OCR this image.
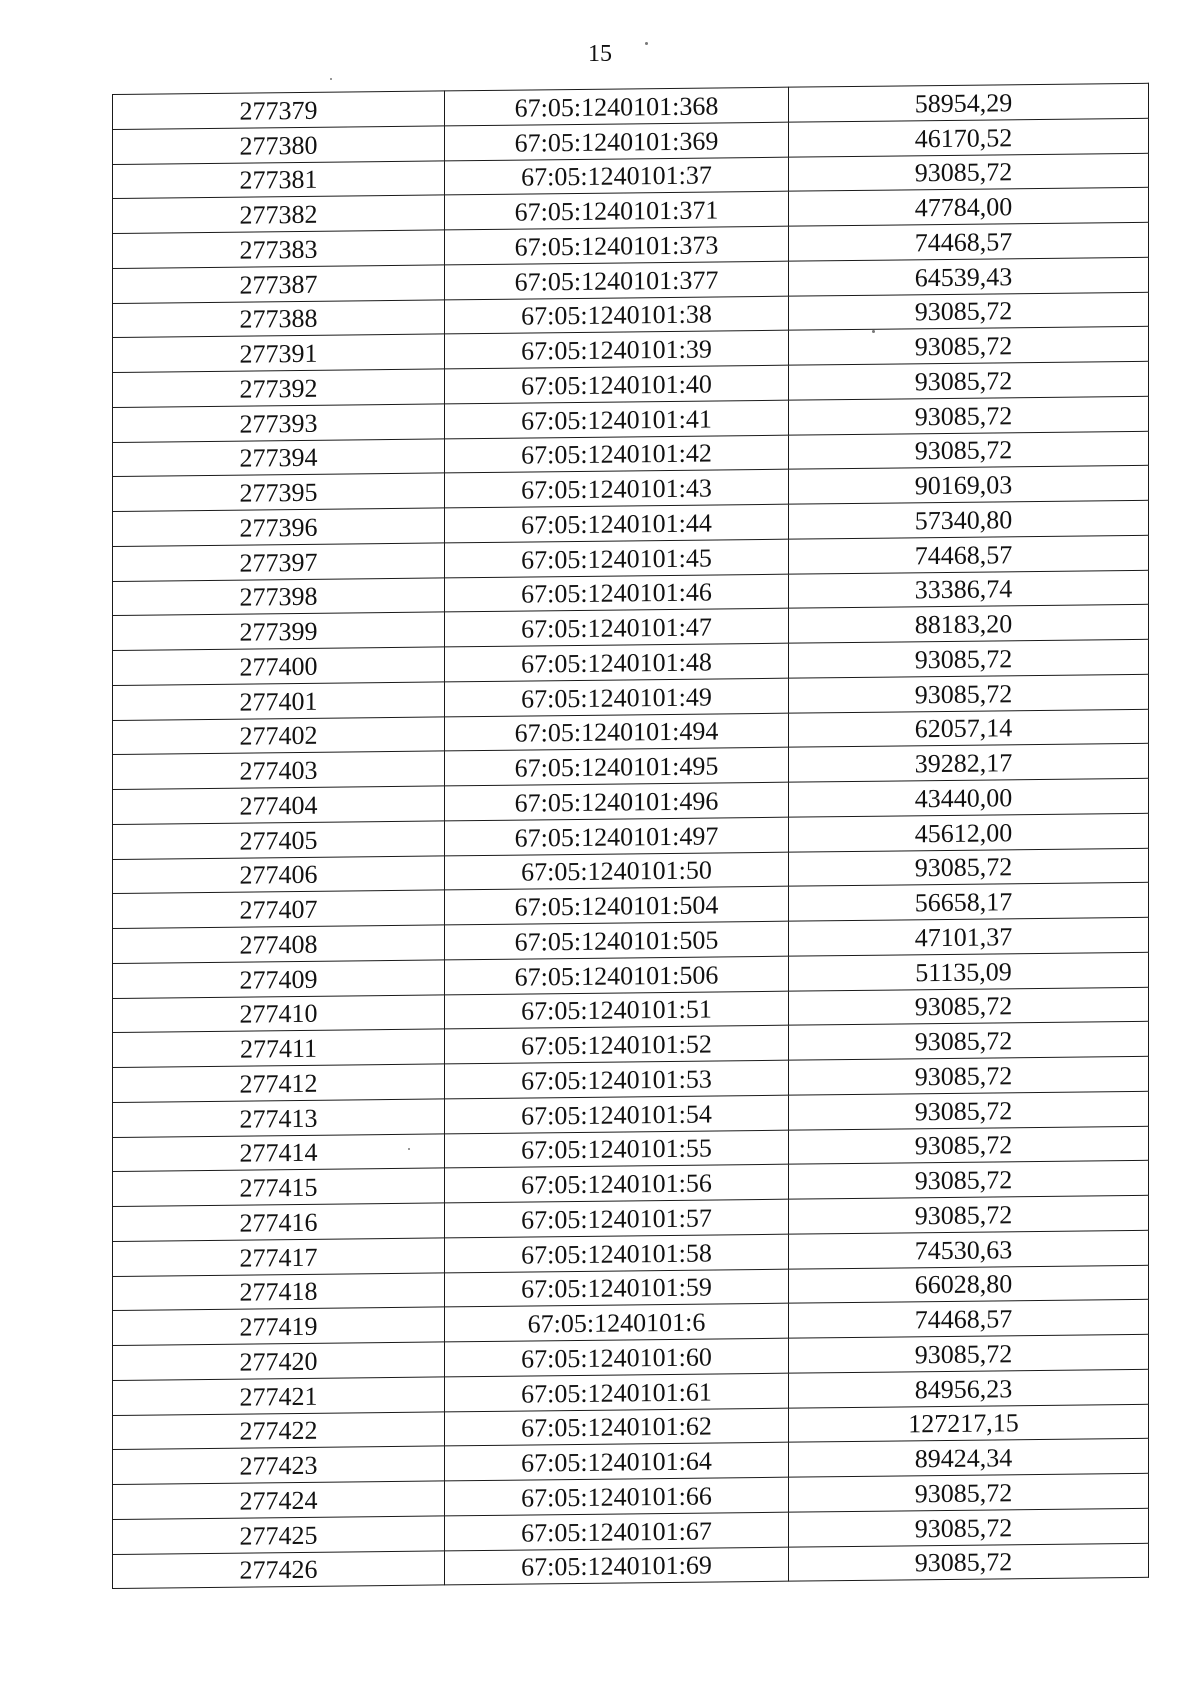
15
277379	67:05:1240101:368	58954,29
277380	67:05:1240101:369	46170,52
277381	67:05:1240101:37	93085,72
277382	67:05:1240101:371	47784,00
277383	67:05:1240101:373	74468,57
277387	67:05:1240101:377	64539,43
277388	67:05:1240101:38	93085,72
277391	67:05:1240101:39	93085,72
277392	67:05:1240101:40	93085,72
277393	67:05:1240101:41	93085,72
277394	67:05:1240101:42	93085,72
277395	67:05:1240101:43	90169,03
277396	67:05:1240101:44	57340,80
277397	67:05:1240101:45	74468,57
277398	67:05:1240101:46	33386,74
277399	67:05:1240101:47	88183,20
277400	67:05:1240101:48	93085,72
277401	67:05:1240101:49	93085,72
277402	67:05:1240101:494	62057,14
277403	67:05:1240101:495	39282,17
277404	67:05:1240101:496	43440,00
277405	67:05:1240101:497	45612,00
277406	67:05:1240101:50	93085,72
277407	67:05:1240101:504	56658,17
277408	67:05:1240101:505	47101,37
277409	67:05:1240101:506	51135,09
277410	67:05:1240101:51	93085,72
277411	67:05:1240101:52	93085,72
277412	67:05:1240101:53	93085,72
277413	67:05:1240101:54	93085,72
277414	67:05:1240101:55	93085,72
277415	67:05:1240101:56	93085,72
277416	67:05:1240101:57	93085,72
277417	67:05:1240101:58	74530,63
277418	67:05:1240101:59	66028,80
277419	67:05:1240101:6	74468,57
277420	67:05:1240101:60	93085,72
277421	67:05:1240101:61	84956,23
277422	67:05:1240101:62	127217,15
277423	67:05:1240101:64	89424,34
277424	67:05:1240101:66	93085,72
277425	67:05:1240101:67	93085,72
277426	67:05:1240101:69	93085,72
